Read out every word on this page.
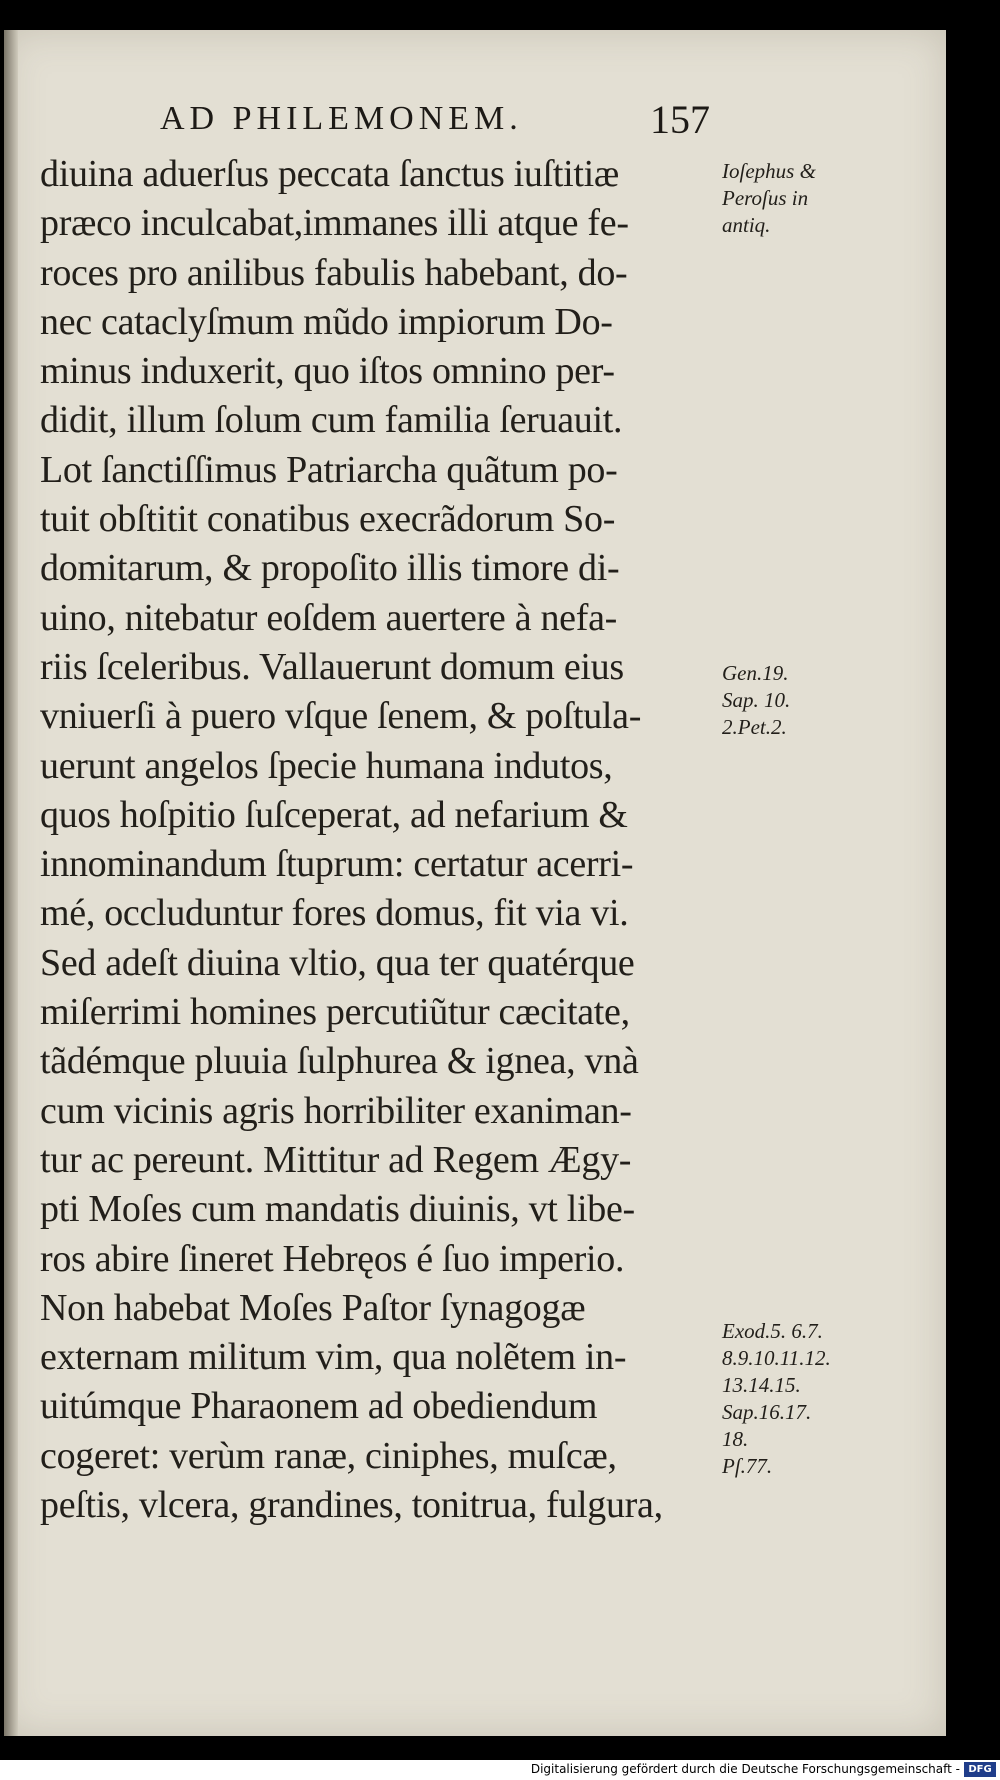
AD PHILEMONEM.	157
diuina aduerſus peccata ſanctus iuſtitiæ
præco inculcabat,immanes illi atque fe-
roces pro anilibus fabulis habebant, do-
nec cataclyſmum mũdo impiorum Do-
minus induxerit, quo iſtos omnino per-
didit, illum ſolum cum familia ſeruauit.
Lot ſanctiſſimus Patriarcha quãtum po-
tuit obſtitit conatibus execrãdorum So-
domitarum, & propoſito illis timore di-
uino, nitebatur eoſdem auertere à nefa-
riis ſceleribus. Vallauerunt domum eius
vniuerſi à puero vſque ſenem, & poſtula-
uerunt angelos ſpecie humana indutos,
quos hoſpitio ſuſceperat, ad nefarium &
innominandum ſtuprum: certatur acerri-
mé, occluduntur fores domus, fit via vi.
Sed adeſt diuina vltio, qua ter quatérque
miſerrimi homines percutiũtur cæcitate,
tãdémque pluuia ſulphurea & ignea, vnà
cum vicinis agris horribiliter exaniman-
tur ac pereunt. Mittitur ad Regem Ægy-
pti Moſes cum mandatis diuinis, vt libe-
ros abire ſineret Hebręos é ſuo imperio.
Non habebat Moſes Paſtor ſynagogæ
externam militum vim, qua nolẽtem in-
uitúmque Pharaonem ad obediendum
cogeret: verùm ranæ, ciniphes, muſcæ,
peſtis, vlcera, grandines, tonitrua, fulgura,
Ioſephus &
Peroſus in
antiq.
Gen.19.
Sap. 10.
2.Pet.2.
Exod.5. 6.7.
8.9.10.11.12.
13.14.15.
Sap.16.17.
18.
Pſ.77.
Digitalisierung gefördert durch die Deutsche Forschungsgemeinschaft - DFG
